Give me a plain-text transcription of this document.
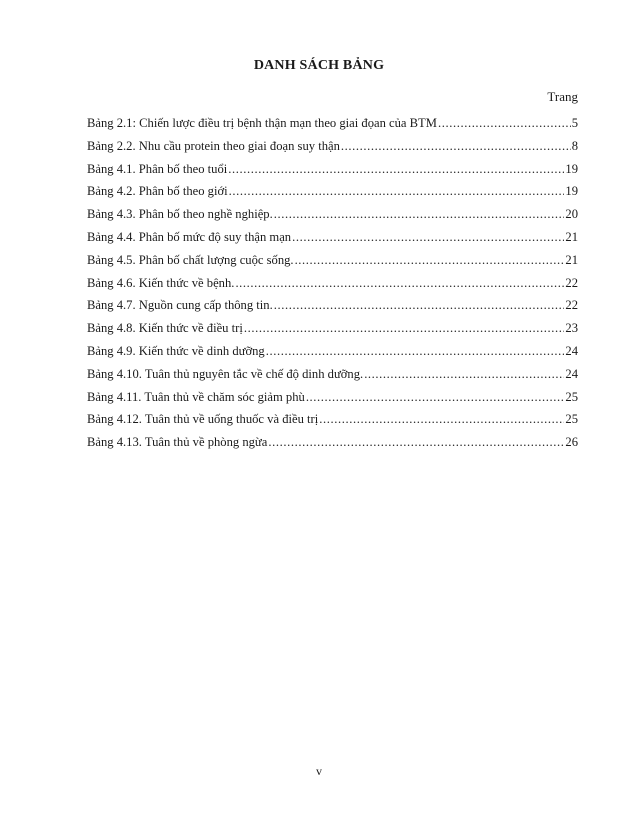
DANH SÁCH BẢNG
Trang
Bảng 2.1: Chiến lược điều trị bệnh thận mạn theo giai đọan của BTM .....	5
Bảng 2.2. Nhu cầu protein theo giai đoạn suy thận .....	8
Bảng 4.1. Phân bố theo tuổi .....	19
Bảng 4.2. Phân bố theo giới .....	19
Bảng 4.3. Phân bố theo nghề nghiệp. .....	20
Bảng 4.4. Phân bố mức độ suy thận mạn .....	21
Bảng 4.5. Phân bố chất lượng cuộc sống. .....	21
Bảng 4.6. Kiến thức về bệnh. .....	22
Bảng 4.7. Nguồn cung cấp thông tin. .....	22
Bảng 4.8. Kiến thức về điều trị .....	23
Bảng 4.9. Kiến thức về dinh dưỡng .....	24
Bảng 4.10. Tuân thủ nguyên tắc về chế độ dinh dưỡng. .....	24
Bảng 4.11. Tuân thủ về chăm sóc giảm phù .....	25
Bảng 4.12. Tuân thủ về uống thuốc và điều trị .....	25
Bảng 4.13. Tuân thủ về phòng ngừa .....	26
v
